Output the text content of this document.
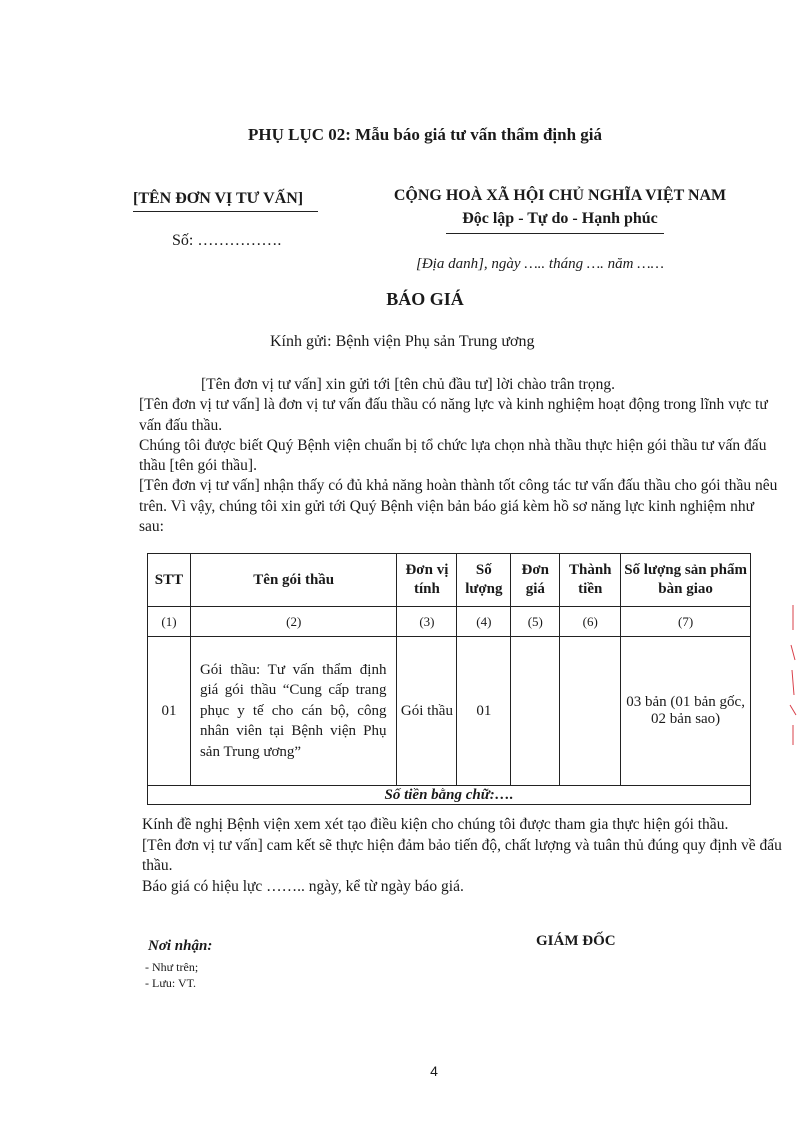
PHỤ LỤC 02: Mẫu báo giá tư vấn thẩm định giá
[TÊN ĐƠN VỊ TƯ VẤN]
Số: …………….
CỘNG HOÀ XÃ HỘI CHỦ NGHĨA VIỆT NAM
Độc lập - Tự do - Hạnh phúc
[Địa danh], ngày ….. tháng …. năm ……
BÁO GIÁ
Kính gửi: Bệnh viện Phụ sản Trung ương

[Tên đơn vị tư vấn] xin gửi tới [tên chủ đầu tư] lời chào trân trọng.

[Tên đơn vị tư vấn] là đơn vị tư vấn đấu thầu có năng lực và kinh nghiệm hoạt động trong lĩnh vực tư vấn đấu thầu.

Chúng tôi được biết Quý Bệnh viện chuẩn bị tổ chức lựa chọn nhà thầu thực hiện gói thầu tư vấn đấu thầu [tên gói thầu].

[Tên đơn vị tư vấn] nhận thấy có đủ khả năng hoàn thành tốt công tác tư vấn đấu thầu cho gói thầu nêu trên. Vì vậy, chúng tôi xin gửi tới Quý Bệnh viện bản báo giá kèm hồ sơ năng lực kinh nghiệm như sau:

STT	Tên gói thầu	Đơn vị tính	Số lượng	Đơn giá	Thành tiền	Số lượng sản phẩm bàn giao
(1)	(2)	(3)	(4)	(5)	(6)	(7)
01	Gói thầu: Tư vấn thẩm định giá gói thầu “Cung cấp trang phục y tế cho cán bộ, công nhân viên tại Bệnh viện Phụ sản Trung ương”	Gói thầu	01			03 bản (01 bản gốc, 02 bản sao)
Số tiền bằng chữ:….						

Kính đề nghị Bệnh viện xem xét tạo điều kiện cho chúng tôi được tham gia thực hiện gói thầu.

[Tên đơn vị tư vấn] cam kết sẽ thực hiện đảm bảo tiến độ, chất lượng và tuân thủ đúng quy định về đấu thầu.

Báo giá có hiệu lực …….. ngày, kể từ ngày báo giá.

Nơi nhận:
- Như trên;
- Lưu: VT.
GIÁM ĐỐC
4
